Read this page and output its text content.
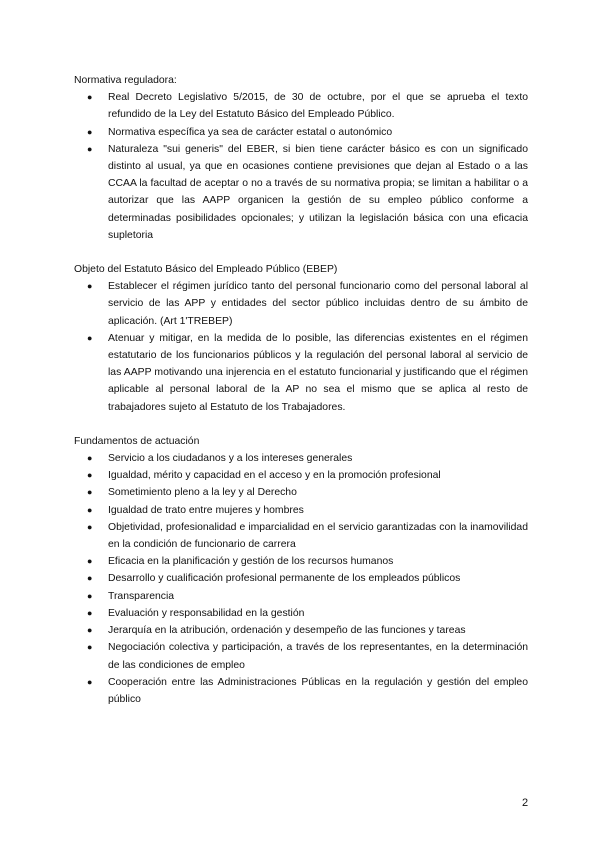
Normativa reguladora:

● Real Decreto Legislativo 5/2015, de 30 de octubre, por el que se aprueba el texto refundido de la Ley del Estatuto Básico del Empleado Público.
● Normativa específica ya sea de carácter estatal o autonómico
● Naturaleza "sui generis" del EBER, si bien tiene carácter básico es con un significado distinto al usual, ya que en ocasiones contiene previsiones que dejan al Estado o a las CCAA la facultad de aceptar o no a través de su normativa propia; se limitan a habilitar o a autorizar que las AAPP organicen la gestión de su empleo público conforme a determinadas posibilidades opcionales; y utilizan la legislación básica con una eficacia supletoria

Objeto del Estatuto Básico del Empleado Público (EBEP)

● Establecer el régimen jurídico tanto del personal funcionario como del personal laboral al servicio de las APP y entidades del sector público incluidas dentro de su ámbito de aplicación. (Art 1'TREBEP)
● Atenuar y mitigar, en la medida de lo posible, las diferencias existentes en el régimen estatutario de los funcionarios públicos y la regulación del personal laboral al servicio de las AAPP motivando una injerencia en el estatuto funcionarial y justificando que el régimen aplicable al personal laboral de la AP no sea el mismo que se aplica al resto de trabajadores sujeto al Estatuto de los Trabajadores.

Fundamentos de actuación

● Servicio a los ciudadanos y a los intereses generales
● Igualdad, mérito y capacidad en el acceso y en la promoción profesional
● Sometimiento pleno a la ley y al Derecho
● Igualdad de trato entre mujeres y hombres
● Objetividad, profesionalidad e imparcialidad en el servicio garantizadas con la inamovilidad en la condición de funcionario de carrera
● Eficacia en la planificación y gestión de los recursos humanos
● Desarrollo y cualificación profesional permanente de los empleados públicos
● Transparencia
● Evaluación y responsabilidad en la gestión
● Jerarquía en la atribución, ordenación y desempeño de las funciones y tareas
● Negociación colectiva y participación, a través de los representantes, en la determinación de las condiciones de empleo
● Cooperación entre las Administraciones Públicas en la regulación y gestión del empleo público
2
